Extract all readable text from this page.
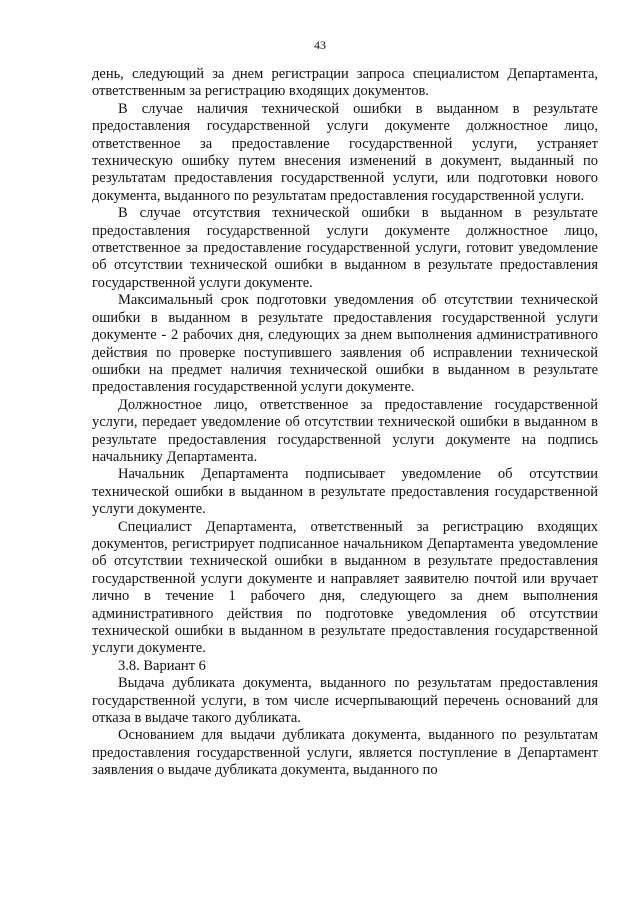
43

день, следующий за днем регистрации запроса специалистом Департамента, ответственным за регистрацию входящих документов.

В случае наличия технической ошибки в выданном в результате предоставления государственной услуги документе должностное лицо, ответственное за предоставление государственной услуги, устраняет техническую ошибку путем внесения изменений в документ, выданный по результатам предоставления государственной услуги, или подготовки нового документа, выданного по результатам предоставления государственной услуги.

В случае отсутствия технической ошибки в выданном в результате предоставления государственной услуги документе должностное лицо, ответственное за предоставление государственной услуги, готовит уведомление об отсутствии технической ошибки в выданном в результате предоставления государственной услуги документе.

Максимальный срок подготовки уведомления об отсутствии технической ошибки в выданном в результате предоставления государственной услуги документе - 2 рабочих дня, следующих за днем выполнения административного действия по проверке поступившего заявления об исправлении технической ошибки на предмет наличия технической ошибки в выданном в результате предоставления государственной услуги документе.

Должностное лицо, ответственное за предоставление государственной услуги, передает уведомление об отсутствии технической ошибки в выданном в результате предоставления государственной услуги документе на подпись начальнику Департамента.

Начальник Департамента подписывает уведомление об отсутствии технической ошибки в выданном в результате предоставления государственной услуги документе.

Специалист Департамента, ответственный за регистрацию входящих документов, регистрирует подписанное начальником Департамента уведомление об отсутствии технической ошибки в выданном в результате предоставления государственной услуги документе и направляет заявителю почтой или вручает лично в течение 1 рабочего дня, следующего за днем выполнения административного действия по подготовке уведомления об отсутствии технической ошибки в выданном в результате предоставления государственной услуги документе.

3.8. Вариант 6

Выдача дубликата документа, выданного по результатам предоставления государственной услуги, в том числе исчерпывающий перечень оснований для отказа в выдаче такого дубликата.

Основанием для выдачи дубликата документа, выданного по результатам предоставления государственной услуги, является поступление в Департамент заявления о выдаче дубликата документа, выданного по
